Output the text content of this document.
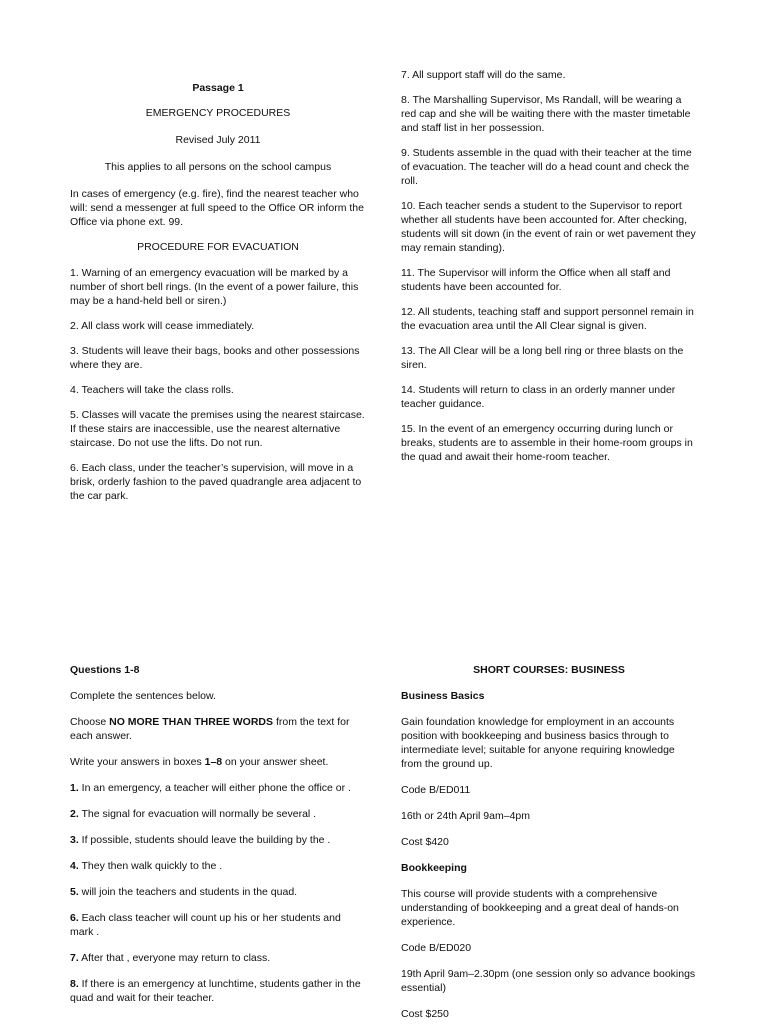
Passage 1

EMERGENCY PROCEDURES

Revised July 2011

This applies to all persons on the school campus

In cases of emergency (e.g. fire), find the nearest teacher who will: send a messenger at full speed to the Office OR inform the Office via phone ext. 99.

PROCEDURE FOR EVACUATION

1. Warning of an emergency evacuation will be marked by a number of short bell rings. (In the event of a power failure, this may be a hand-held bell or siren.)

2. All class work will cease immediately.

3. Students will leave their bags, books and other possessions where they are.

4. Teachers will take the class rolls.

5. Classes will vacate the premises using the nearest staircase. If these stairs are inaccessible, use the nearest alternative staircase. Do not use the lifts. Do not run.

6. Each class, under the teacher’s supervision, will move in a brisk, orderly fashion to the paved quadrangle area adjacent to the car park.

7. All support staff will do the same.

8. The Marshalling Supervisor, Ms Randall, will be wearing a red cap and she will be waiting there with the master timetable and staff list in her possession.

9. Students assemble in the quad with their teacher at the time of evacuation. The teacher will do a head count and check the roll.

10. Each teacher sends a student to the Supervisor to report whether all students have been accounted for. After checking, students will sit down (in the event of rain or wet pavement they may remain standing).

11. The Supervisor will inform the Office when all staff and students have been accounted for.

12. All students, teaching staff and support personnel remain in the evacuation area until the All Clear signal is given.

13. The All Clear will be a long bell ring or three blasts on the siren.

14. Students will return to class in an orderly manner under teacher guidance.

15. In the event of an emergency occurring during lunch or breaks, students are to assemble in their home-room groups in the quad and await their home-room teacher.

Questions 1-8

Complete the sentences below.

Choose NO MORE THAN THREE WORDS from the text for each answer.

Write your answers in boxes 1–8 on your answer sheet.

1. In an emergency, a teacher will either phone the office or .

2. The signal for evacuation will normally be several .

3. If possible, students should leave the building by the .

4. They then walk quickly to the .

5. will join the teachers and students in the quad.

6. Each class teacher will count up his or her students and mark .

7. After that , everyone may return to class.

8. If there is an emergency at lunchtime, students gather in the quad and wait for their teacher.

SHORT COURSES: BUSINESS

Business Basics

Gain foundation knowledge for employment in an accounts position with bookkeeping and business basics through to intermediate level; suitable for anyone requiring knowledge from the ground up.

Code B/ED011

16th or 24th April 9am–4pm

Cost $420

Bookkeeping

This course will provide students with a comprehensive understanding of bookkeeping and a great deal of hands-on experience.

Code B/ED020

19th April 9am–2.30pm (one session only so advance bookings essential)

Cost $250
